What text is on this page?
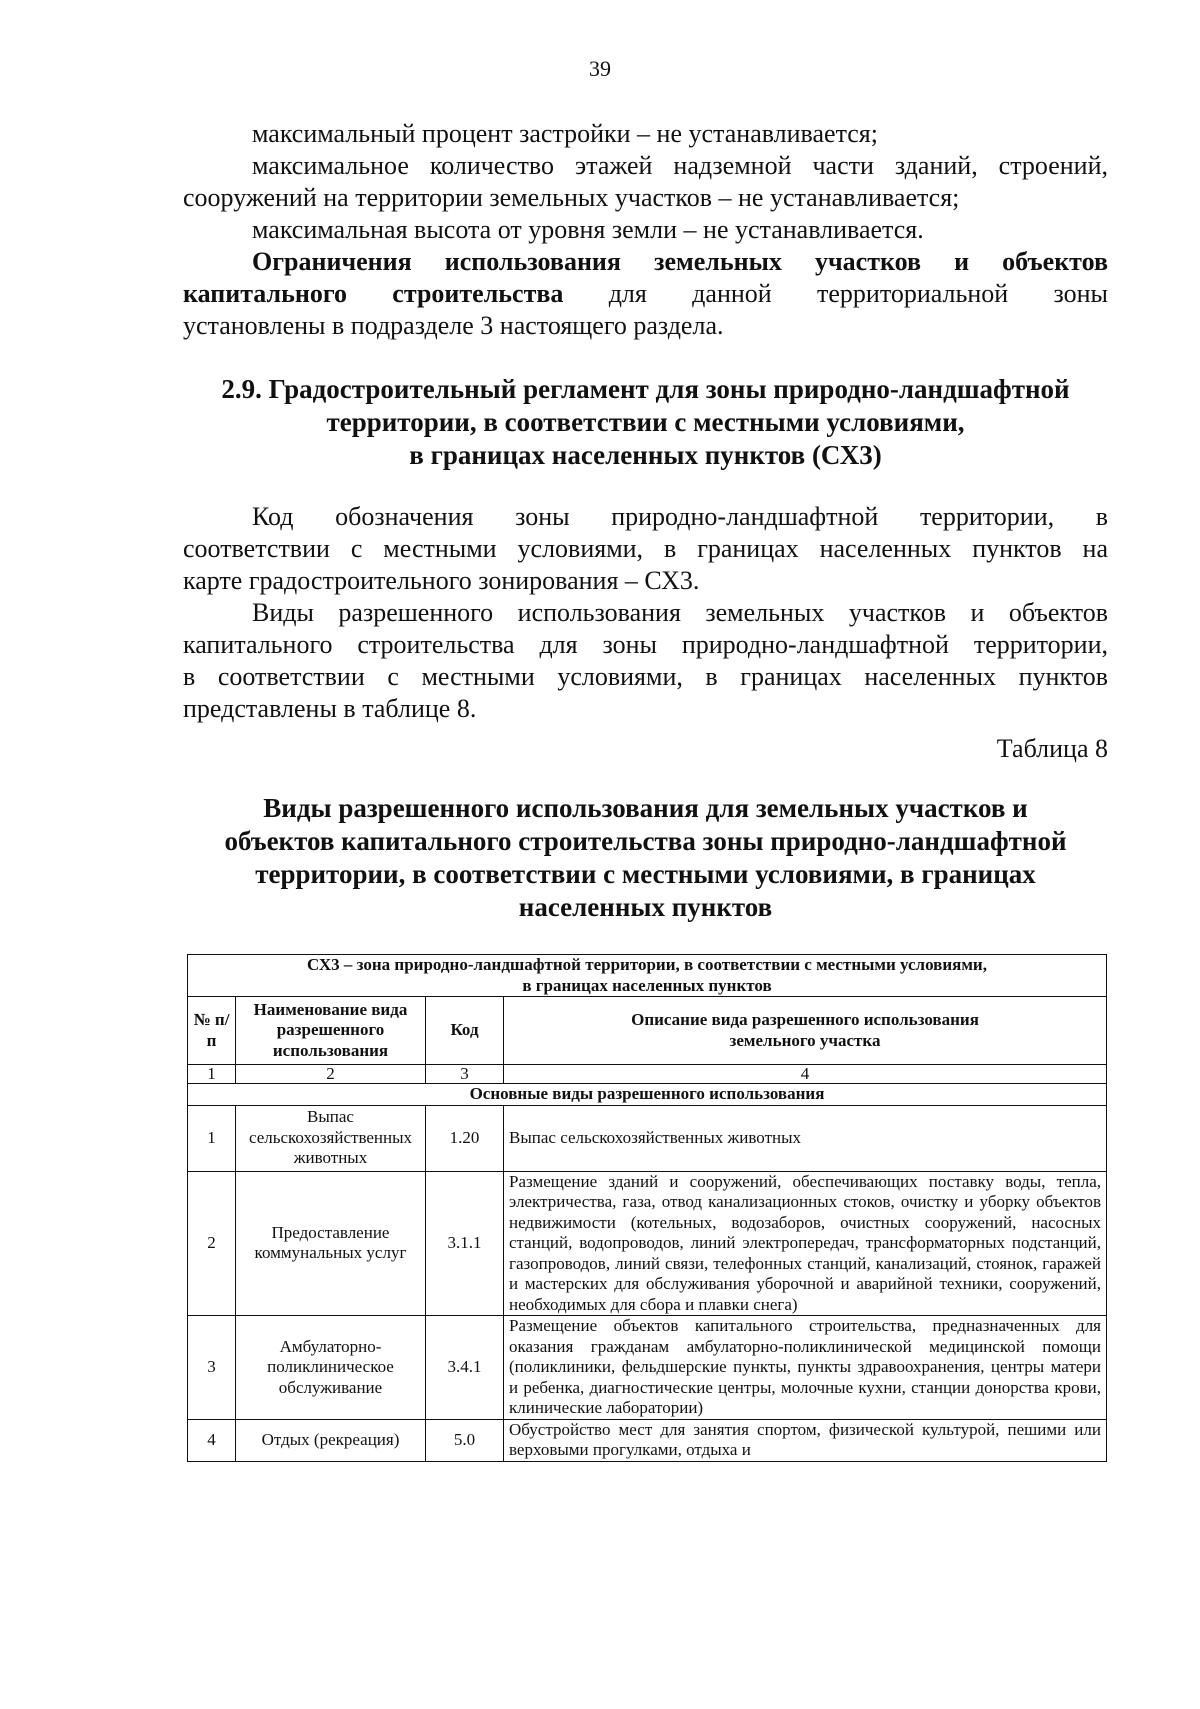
39
максимальный процент застройки – не устанавливается;
максимальное количество этажей надземной части зданий, строений,
сооружений на территории земельных участков – не устанавливается;
максимальная высота от уровня земли – не устанавливается.
Ограничения использования земельных участков и объектов
капитального строительства для данной территориальной зоны
установлены в подразделе 3 настоящего раздела.
2.9. Градостроительный регламент для зоны природно-ландшафтной
территории, в соответствии с местными условиями,
в границах населенных пунктов (СХ3)
Код обозначения зоны природно-ландшафтной территории, в
соответствии с местными условиями, в границах населенных пунктов на
карте градостроительного зонирования – СХ3.
Виды разрешенного использования земельных участков и объектов
капитального строительства для зоны природно-ландшафтной территории,
в соответствии с местными условиями, в границах населенных пунктов
представлены в таблице 8.
Таблица 8
Виды разрешенного использования для земельных участков и
объектов капитального строительства зоны природно-ландшафтной
территории, в соответствии с местными условиями, в границах
населенных пунктов
СХ3 – зона природно-ландшафтной территории, в соответствии с местными условиями,
в границах населенных пунктов			

№ п/п	Наименование вида разрешенного использования	Код	Описание вида разрешенного использования земельного участка
1	2	3	4
Основные виды разрешенного использования			
1	Выпас сельскохозяйственных животных	1.20	Выпас сельскохозяйственных животных
2	Предоставление коммунальных услуг	3.1.1	Размещение зданий и сооружений, обеспечивающих поставку воды, тепла, электричества, газа, отвод канализационных стоков, очистку и уборку объектов недвижимости (котельных, водозаборов, очистных сооружений, насосных станций, водопроводов, линий электропередач, трансформаторных подстанций, газопроводов, линий связи, телефонных станций, канализаций, стоянок, гаражей и мастерских для обслуживания уборочной и аварийной техники, сооружений, необходимых для сбора и плавки снега)
3	Амбулаторно-поликлиническое обслуживание	3.4.1	Размещение объектов капитального строительства, предназначенных для оказания гражданам амбулаторно-поликлинической медицинской помощи (поликлиники, фельдшерские пункты, пункты здравоохранения, центры матери и ребенка, диагностические центры, молочные кухни, станции донорства крови, клинические лаборатории)
4	Отдых (рекреация)	5.0	Обустройство мест для занятия спортом, физической культурой, пешими или верховыми прогулками, отдыха и
